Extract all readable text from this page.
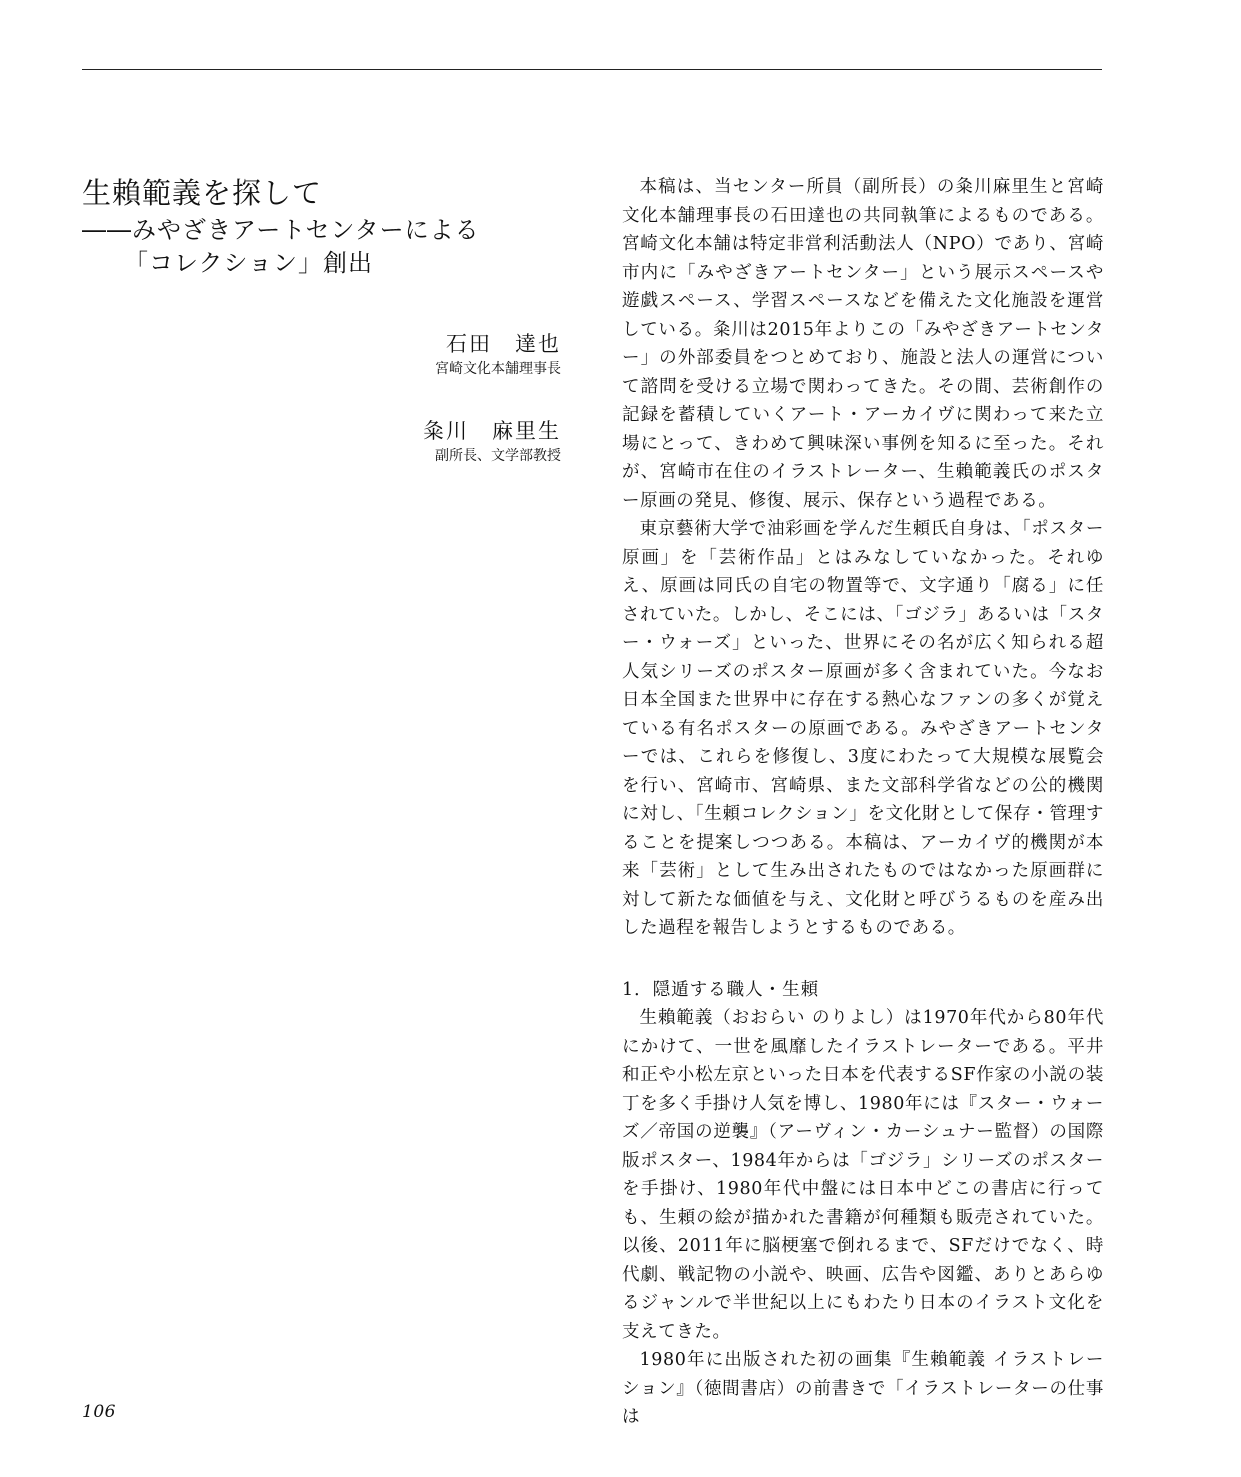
生賴範義を探して
――みやざきアートセンターによる
「コレクション」創出
石田　達也
宮崎文化本舗理事長
粂川　麻里生
副所長、文学部教授

本稿は、当センター所員（副所長）の粂川麻里生と宮崎文化本舗理事長の石田達也の共同執筆によるものである。宮崎文化本舗は特定非営利活動法人（NPO）であり、宮崎市内に「みやざきアートセンター」という展示スペースや遊戯スペース、学習スペースなどを備えた文化施設を運営している。粂川は2015年よりこの「みやざきアートセンター」の外部委員をつとめており、施設と法人の運営について諮問を受ける立場で関わってきた。その間、芸術創作の記録を蓄積していくアート・アーカイヴに関わって来た立場にとって、きわめて興味深い事例を知るに至った。それが、宮崎市在住のイラストレーター、生賴範義氏のポスター原画の発見、修復、展示、保存という過程である。

東京藝術大学で油彩画を学んだ生頼氏自身は、「ポスター原画」を「芸術作品」とはみなしていなかった。それゆえ、原画は同氏の自宅の物置等で、文字通り「腐る」に任されていた。しかし、そこには、「ゴジラ」あるいは「スター・ウォーズ」といった、世界にその名が広く知られる超人気シリーズのポスター原画が多く含まれていた。今なお日本全国また世界中に存在する熱心なファンの多くが覚えている有名ポスターの原画である。みやざきアートセンターでは、これらを修復し、3度にわたって大規模な展覧会を行い、宮崎市、宮崎県、また文部科学省などの公的機関に対し、「生頼コレクション」を文化財として保存・管理することを提案しつつある。本稿は、アーカイヴ的機関が本来「芸術」として生み出されたものではなかった原画群に対して新たな価値を与え、文化財と呼びうるものを産み出した過程を報告しようとするものである。

1．隠遁する職人・生頼

生賴範義（おおらい のりよし）は1970年代から80年代にかけて、一世を風靡したイラストレーターである。平井和正や小松左京といった日本を代表するSF作家の小説の装丁を多く手掛け人気を博し、1980年には『スター・ウォーズ／帝国の逆襲』（アーヴィン・カーシュナー監督）の国際版ポスター、1984年からは「ゴジラ」シリーズのポスターを手掛け、1980年代中盤には日本中どこの書店に行っても、生頼の絵が描かれた書籍が何種類も販売されていた。以後、2011年に脳梗塞で倒れるまで、SFだけでなく、時代劇、戦記物の小説や、映画、広告や図鑑、ありとあらゆるジャンルで半世紀以上にもわたり日本のイラスト文化を支えてきた。

1980年に出版された初の画集『生賴範義 イラストレーション』（徳間書店）の前書きで「イラストレーターの仕事は

106
